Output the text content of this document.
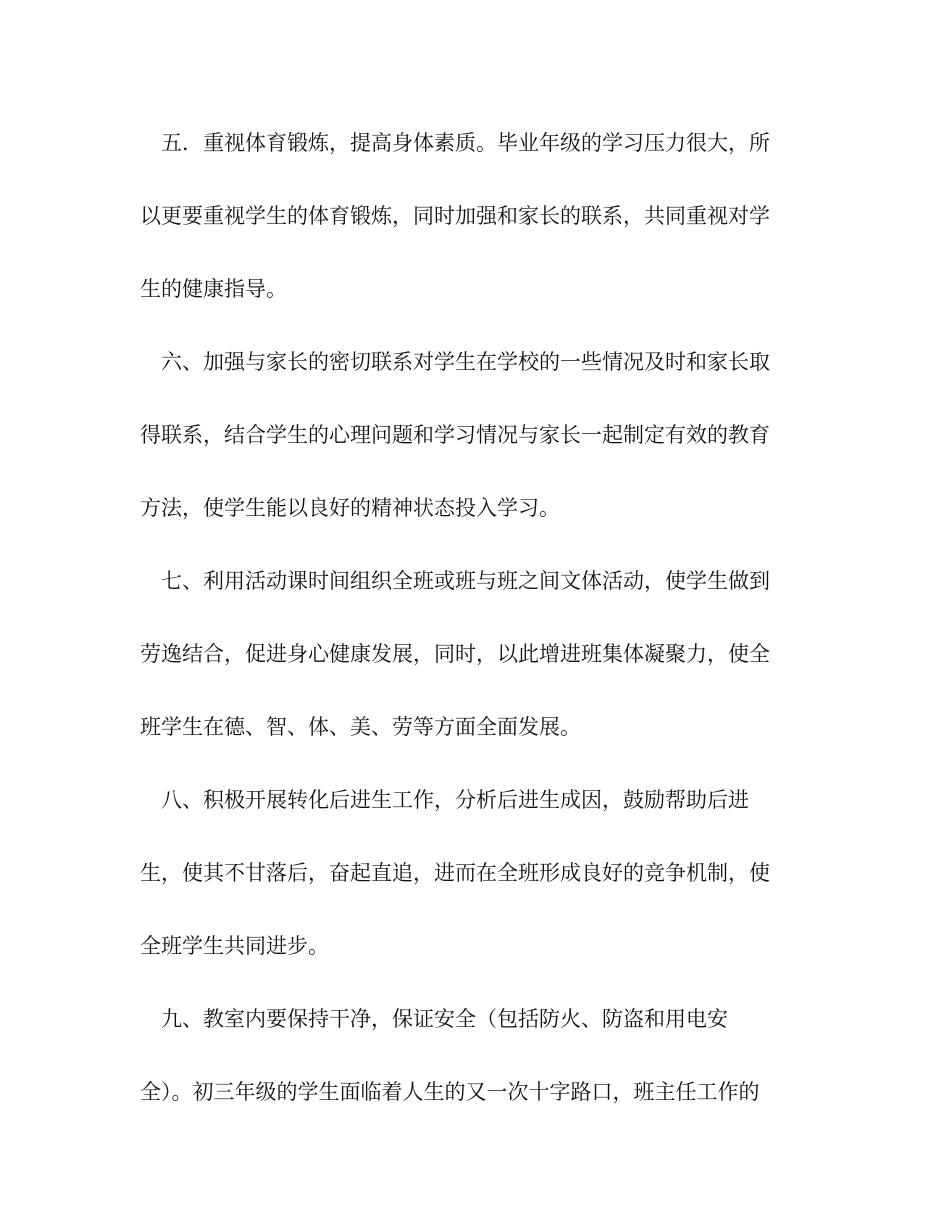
　五．重视体育锻炼，提高身体素质。毕业年级的学习压力很大，所
以更要重视学生的体育锻炼，同时加强和家长的联系，共同重视对学
生的健康指导。
　六、加强与家长的密切联系对学生在学校的一些情况及时和家长取
得联系，结合学生的心理问题和学习情况与家长一起制定有效的教育
方法，使学生能以良好的精神状态投入学习。
　七、利用活动课时间组织全班或班与班之间文体活动，使学生做到
劳逸结合，促进身心健康发展，同时，以此增进班集体凝聚力，使全
班学生在德、智、体、美、劳等方面全面发展。
　八、积极开展转化后进生工作，分析后进生成因，鼓励帮助后进
生，使其不甘落后，奋起直追，进而在全班形成良好的竞争机制，使
全班学生共同进步。
　九、教室内要保持干净，保证安全（包括防火、防盗和用电安
全）。初三年级的学生面临着人生的又一次十字路口，班主任工作的
